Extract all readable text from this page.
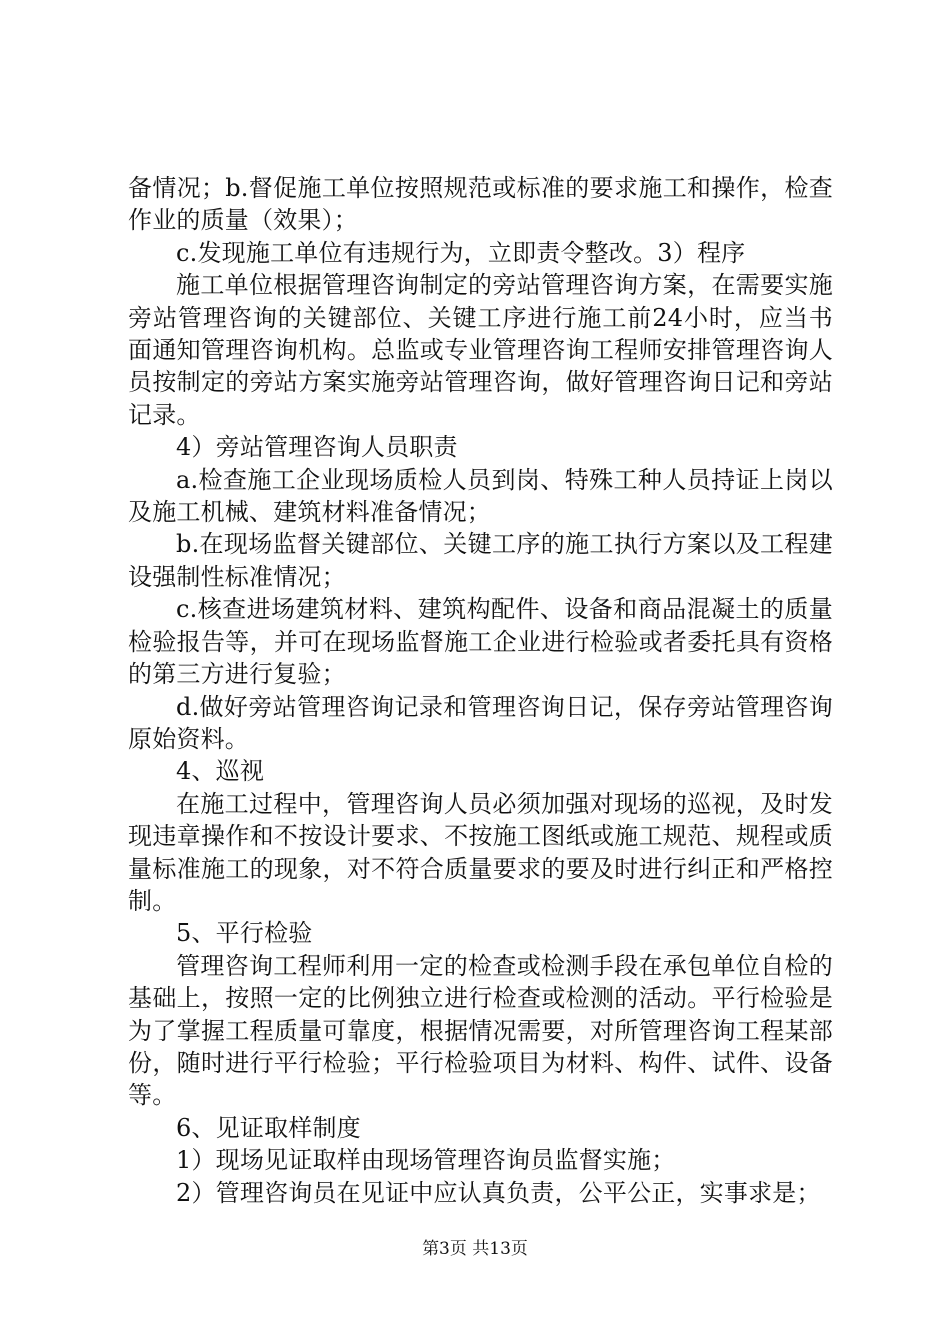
备情况；b.督促施工单位按照规范或标准的要求施工和操作，检查作业的质量（效果）；

c.发现施工单位有违规行为，立即责令整改。3）程序

施工单位根据管理咨询制定的旁站管理咨询方案，在需要实施旁站管理咨询的关键部位、关键工序进行施工前24小时，应当书面通知管理咨询机构。总监或专业管理咨询工程师安排管理咨询人员按制定的旁站方案实施旁站管理咨询，做好管理咨询日记和旁站记录。

4）旁站管理咨询人员职责

a.检查施工企业现场质检人员到岗、特殊工种人员持证上岗以及施工机械、建筑材料准备情况；

b.在现场监督关键部位、关键工序的施工执行方案以及工程建设强制性标准情况；

c.核查进场建筑材料、建筑构配件、设备和商品混凝土的质量检验报告等，并可在现场监督施工企业进行检验或者委托具有资格的第三方进行复验；

d.做好旁站管理咨询记录和管理咨询日记，保存旁站管理咨询原始资料。

4、巡视

在施工过程中，管理咨询人员必须加强对现场的巡视，及时发现违章操作和不按设计要求、不按施工图纸或施工规范、规程或质量标准施工的现象，对不符合质量要求的要及时进行纠正和严格控制。

5、平行检验

管理咨询工程师利用一定的检查或检测手段在承包单位自检的基础上，按照一定的比例独立进行检查或检测的活动。平行检验是为了掌握工程质量可靠度，根据情况需要，对所管理咨询工程某部份，随时进行平行检验；平行检验项目为材料、构件、试件、设备等。

6、见证取样制度

1）现场见证取样由现场管理咨询员监督实施；

2）管理咨询员在见证中应认真负责，公平公正，实事求是；

第3页 共13页
